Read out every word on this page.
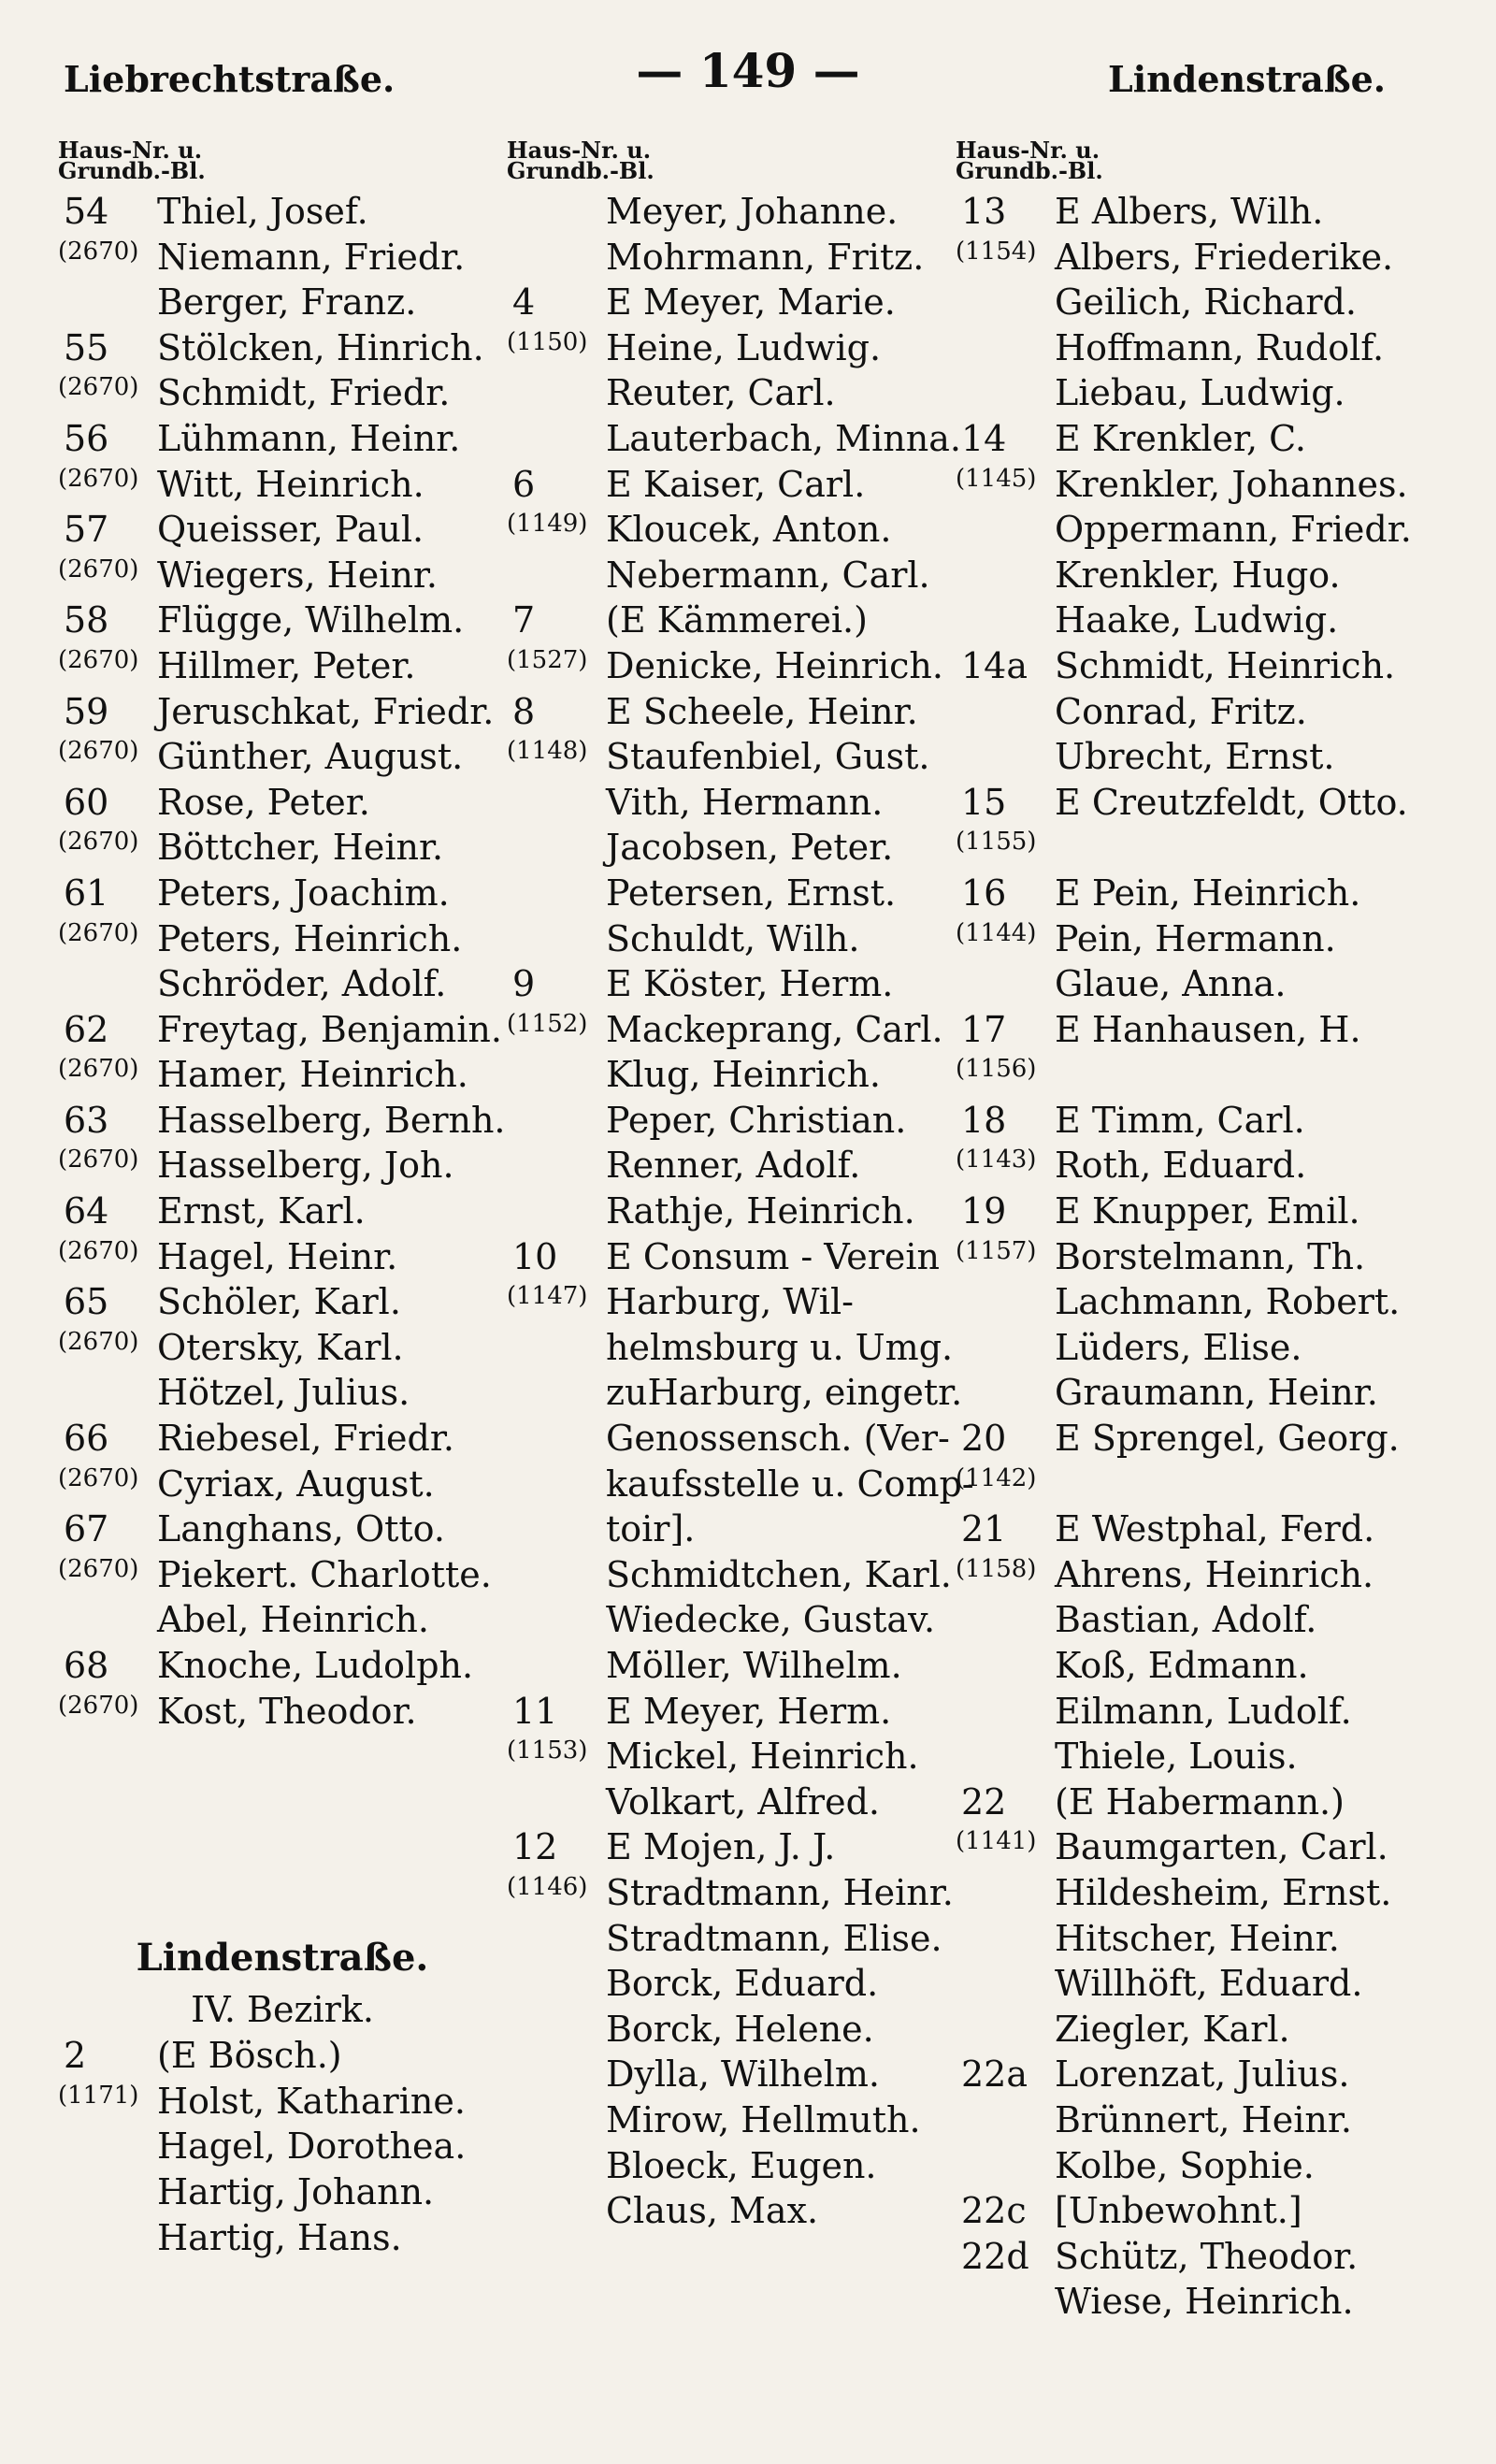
Liebrechtstraße.	— 149 —	Lindenstraße.
Haus-Nr. u.
Grundb.-Bl.
54	Thiel, Josef.
(2670) Niemann, Friedr.
Berger, Franz.
55	Stölcken, Hinrich.
(2670) Schmidt, Friedr.
56	Lühmann, Heinr.
(2670) Witt, Heinrich.
57	Queisser, Paul.
(2670) Wiegers, Heinr.
58	Flügge, Wilhelm.
(2670) Hillmer, Peter.
59	Jeruschkat, Friedr.
(2670) Günther, August.
60	Rose, Peter.
(2670) Böttcher, Heinr.
61	Peters, Joachim.
(2670) Peters, Heinrich.
Schröder, Adolf.
62	Freytag, Benjamin.
(2670) Hamer, Heinrich.
63	Hasselberg, Bernh.
(2670) Hasselberg, Joh.
64	Ernst, Karl.
(2670) Hagel, Heinr.
65	Schöler, Karl.
(2670) Otersky, Karl.
Hötzel, Julius.
66	Riebesel, Friedr.
(2670) Cyriax, August.
67	Langhans, Otto.
(2670) Piekert. Charlotte.
Abel, Heinrich.
68	Knoche, Ludolph.
(2670) Kost, Theodor.
Lindenstraße.
IV. Bezirk.
2	(E Bösch.)
(1171) Holst, Katharine.
Hagel, Dorothea.
Hartig, Johann.
Hartig, Hans.
Haus-Nr. u.
Grundb.-Bl.
Meyer, Johanne.
Mohrmann, Fritz.
4	E Meyer, Marie.
(1150) Heine, Ludwig.
Reuter, Carl.
Lauterbach, Minna.
6	E Kaiser, Carl.
(1149) Kloucek, Anton.
Nebermann, Carl.
7	(E Kämmerei.)
(1527) Denicke, Heinrich.
8	E Scheele, Heinr.
(1148) Staufenbiel, Gust.
Vith, Hermann.
Jacobsen, Peter.
Petersen, Ernst.
Schuldt, Wilh.
9	E Köster, Herm.
(1152) Mackeprang, Carl.
Klug, Heinrich.
Peper, Christian.
Renner, Adolf.
Rathje, Heinrich.
10	E Consum - Verein
(1147) Harburg, Wil-
helmsburg u. Umg.
zuHarburg, eingetr.
Genossensch. (Ver-
kaufsstelle u. Comp-
toir].
Schmidtchen, Karl.
Wiedecke, Gustav.
Möller, Wilhelm.
11	E Meyer, Herm.
(1153) Mickel, Heinrich.
Volkart, Alfred.
12	E Mojen, J. J.
(1146) Stradtmann, Heinr.
Stradtmann, Elise.
Borck, Eduard.
Borck, Helene.
Dylla, Wilhelm.
Mirow, Hellmuth.
Bloeck, Eugen.
Claus, Max.
Haus-Nr. u.
Grundb.-Bl.
13	E Albers, Wilh.
(1154) Albers, Friederike.
Geilich, Richard.
Hoffmann, Rudolf.
Liebau, Ludwig.
14	E Krenkler, C.
(1145) Krenkler, Johannes.
Oppermann, Friedr.
Krenkler, Hugo.
Haake, Ludwig.
14a Schmidt, Heinrich.
Conrad, Fritz.
Ubrecht, Ernst.
15	E Creutzfeldt, Otto.
(1155)
16	E Pein, Heinrich.
(1144) Pein, Hermann.
Glaue, Anna.
17	E Hanhausen, H.
(1156)
18	E Timm, Carl.
(1143) Roth, Eduard.
19	E Knupper, Emil.
(1157) Borstelmann, Th.
Lachmann, Robert.
Lüders, Elise.
Graumann, Heinr.
20	E Sprengel, Georg.
(1142)
21	E Westphal, Ferd.
(1158) Ahrens, Heinrich.
Bastian, Adolf.
Koß, Edmann.
Eilmann, Ludolf.
Thiele, Louis.
22	(E Habermann.)
(1141) Baumgarten, Carl.
Hildesheim, Ernst.
Hitscher, Heinr.
Willhöft, Eduard.
Ziegler, Karl.
22a Lorenzat, Julius.
Brünnert, Heinr.
Kolbe, Sophie.
22c [Unbewohnt.]
22d Schütz, Theodor.
Wiese, Heinrich.
